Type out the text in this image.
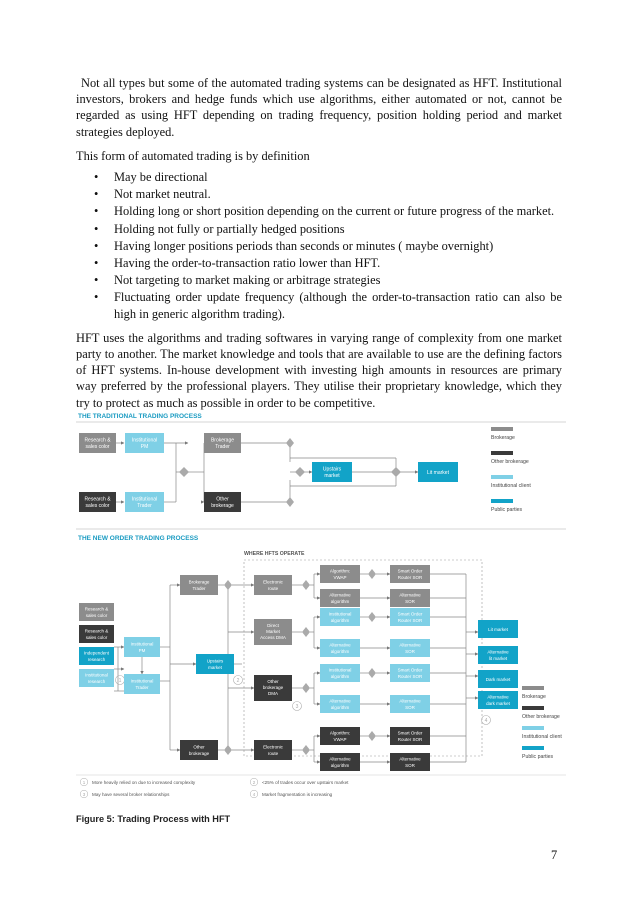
Not all types but some of the automated trading systems can be designated as HFT. Institutional investors, brokers and hedge funds which use algorithms, either automated or not, cannot be regarded as using HFT depending on trading frequency, position holding period and market strategies deployed.

This form of automated trading is by definition

• May be directional
• Not market neutral.
• Holding long or short position depending on the current or future progress of the market.
• Holding not fully or partially hedged positions
• Having longer positions periods than seconds or minutes ( maybe overnight)
• Having the order-to-transaction ratio lower than HFT.
• Not targeting to market making or arbitrage strategies
• Fluctuating order update frequency (although the order-to-transaction ratio can also be high in generic algorithm trading).

HFT uses the algorithms and trading softwares in varying range of complexity from one market party to another. The market knowledge and tools that are available to use are the defining factors of HFT systems. In-house development with investing high amounts in resources are primary way preferred by the professional players. They utilise their proprietary knowledge, which they try to protect as much as possible in order to be competitive.

THE TRADITIONAL TRADING PROCESS
Research &
sales color
Institutional
PM
Brokerage
Trader
Upstairs
market	Lit market
Research &
sales color
Institutional
Trader
Other
brokerage
Brokerage
Other brokerage
Institutional client
Public parties
THE NEW ORDER TRADING PROCESS
WHERE HFTS OPERATE
Research &
sales color
Research &
sales color
Independent
research
Institutional
research	1
Institutional
PM
Institutional
Trader
Brokerage
Trader
Upstairs
market
2
Other
brokerage
Electronic
route
Direct
Market
Access DMA
Other
brokerage
DMA
3
Electronic
route
Algorithm:
VWAP
Alternative
algorithm
Institutional
algorithm
Alternative
algorithm
Institutional
algorithm
Alternative
algorithm
Algorithm:
VWAP
Alternative
algorithm
Smart Order
Router SOR
Alternative
SOR
Smart Order
Router SOR
Alternative
SOR
Smart Order
Router SOR
Alternative
SOR
Smart Order
Router SOR
Alternative
SOR
Lit market
Alternative
lit market
Dark market
Alternative
dark market
4
Brokerage
Other brokerage
Institutional client
Public parties
1 More heavily relied on due to increased complexity	2 <25% of trades occur over upstairs market
3 May have several broker relationships	4 Market fragmentation is increasing
Figure 5: Trading Process with HFT
7
